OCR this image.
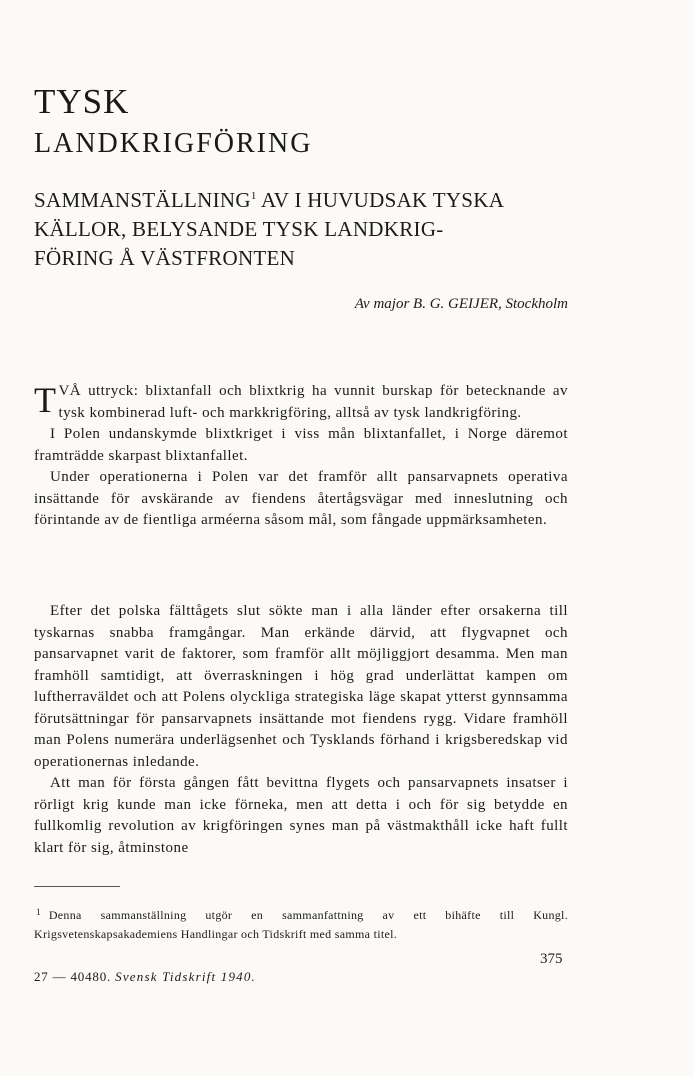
TYSK
LANDKRIGFÖRING
SAMMANSTÄLLNING$^1$ AV I HUVUDSAK TYSKA
KÄLLOR, BELYSANDE TYSK LANDKRIG-
FÖRING Å VÄSTFRONTEN
Av major B. G. GEIJER, Stockholm

TVÅ uttryck: blixtanfall och blixtkrig ha vunnit burskap för betecknande av tysk kombinerad luft- och markkrigföring, alltså av tysk landkrigföring.

I Polen undanskymde blixtkriget i viss mån blixtanfallet, i Norge däremot framträdde skarpast blixtanfallet.

Under operationerna i Polen var det framför allt pansarvapnets operativa insättande för avskärande av fiendens återtågsvägar med inneslutning och förintande av de fientliga arméerna såsom mål, som fångade uppmärksamheten.

Efter det polska fälttågets slut sökte man i alla länder efter orsakerna till tyskarnas snabba framgångar. Man erkände därvid, att flygvapnet och pansarvapnet varit de faktorer, som framför allt möjliggjort desamma. Men man framhöll samtidigt, att överraskningen i hög grad underlättat kampen om luftherraväldet och att Polens olyckliga strategiska läge skapat ytterst gynnsamma förutsättningar för pansarvapnets insättande mot fiendens rygg. Vidare framhöll man Polens numerära underlägsenhet och Tysklands förhand i krigsberedskap vid operationernas inledande.

Att man för första gången fått bevittna flygets och pansarvapnets insatser i rörligt krig kunde man icke förneka, men att detta i och för sig betydde en fullkomlig revolution av krigföringen synes man på västmakthåll icke haft fullt klart för sig, åtminstone

$^1$ Denna sammanställning utgör en sammanfattning av ett bihäfte till Kungl. Krigsvetenskapsakademiens Handlingar och Tidskrift med samma titel.
375
27 — 40480. Svensk Tidskrift 1940.
